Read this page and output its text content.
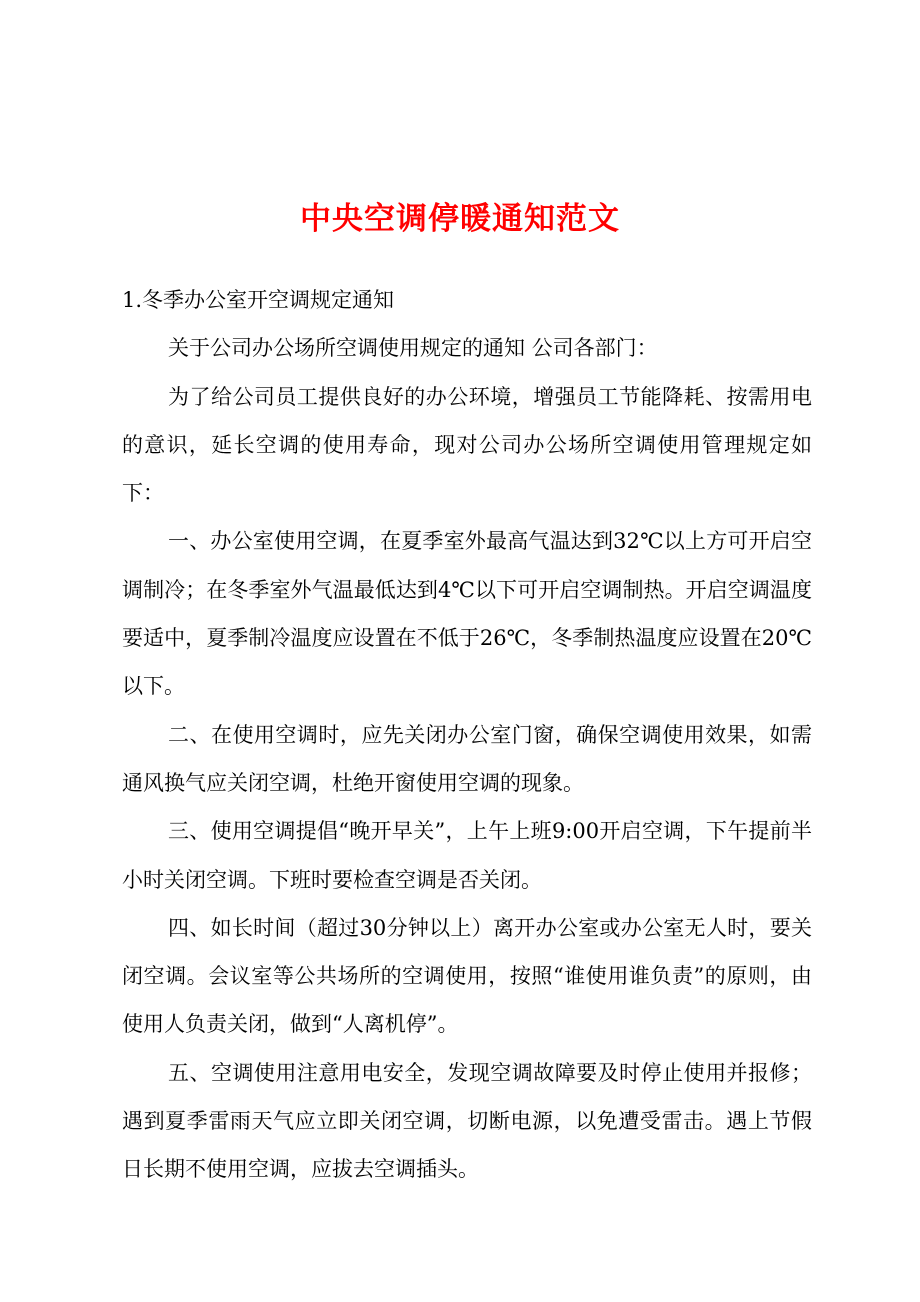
中央空调停暖通知范文

1.冬季办公室开空调规定通知

关于公司办公场所空调使用规定的通知 公司各部门：

为了给公司员工提供良好的办公环境，增强员工节能降耗、按需用电的意识，延长空调的使用寿命，现对公司办公场所空调使用管理规定如下：

一、办公室使用空调，在夏季室外最高气温达到32℃以上方可开启空调制冷；在冬季室外气温最低达到4℃以下可开启空调制热。开启空调温度要适中，夏季制冷温度应设置在不低于26℃，冬季制热温度应设置在20℃以下。

二、在使用空调时，应先关闭办公室门窗，确保空调使用效果，如需通风换气应关闭空调，杜绝开窗使用空调的现象。

三、使用空调提倡“晚开早关”，上午上班9:00开启空调，下午提前半小时关闭空调。下班时要检查空调是否关闭。

四、如长时间（超过30分钟以上）离开办公室或办公室无人时，要关闭空调。会议室等公共场所的空调使用，按照“谁使用谁负责”的原则，由使用人负责关闭，做到“人离机停”。

五、空调使用注意用电安全，发现空调故障要及时停止使用并报修；遇到夏季雷雨天气应立即关闭空调，切断电源，以免遭受雷击。遇上节假日长期不使用空调，应拔去空调插头。
